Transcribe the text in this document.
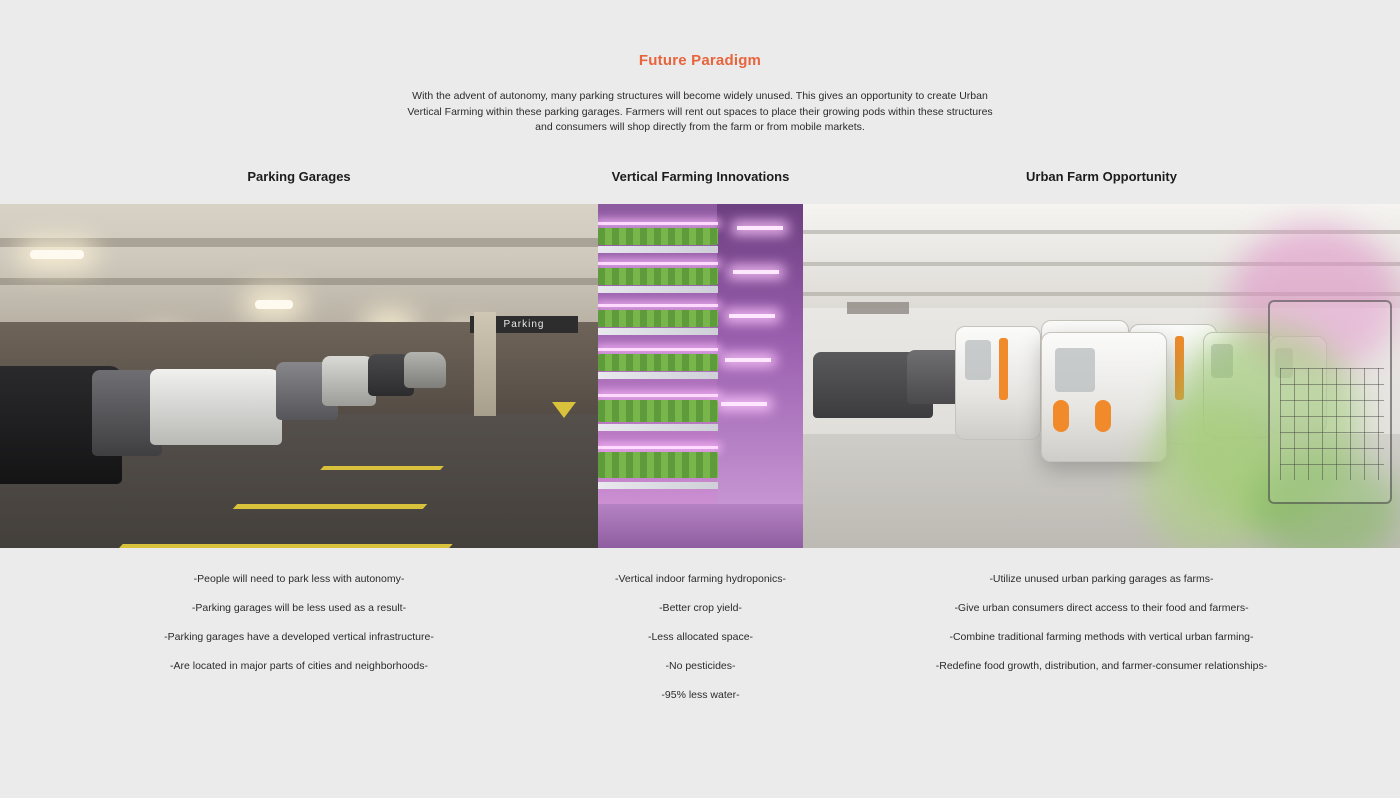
Future Paradigm

With the advent of autonomy, many parking structures will become widely unused. This gives an opportunity to create Urban Vertical Farming within these parking garages. Farmers will rent out spaces to place their growing pods within these structures and consumers will shop directly from the farm or from mobile markets.

Parking Garages
Parking

-People will need to park less with autonomy-

-Parking garages will be less used as a result-

-Parking garages have a developed vertical infrastructure-

-Are located in major parts of cities and neighborhoods-

Vertical Farming Innovations

-Vertical indoor farming hydroponics-

-Better crop yield-

-Less allocated space-

-No pesticides-

-95% less water-

Urban Farm Opportunity

-Utilize unused urban parking garages as farms-

-Give urban consumers direct access to their food and farmers-

-Combine traditional farming methods with vertical urban farming-

-Redefine food growth, distribution, and farmer-consumer relationships-
